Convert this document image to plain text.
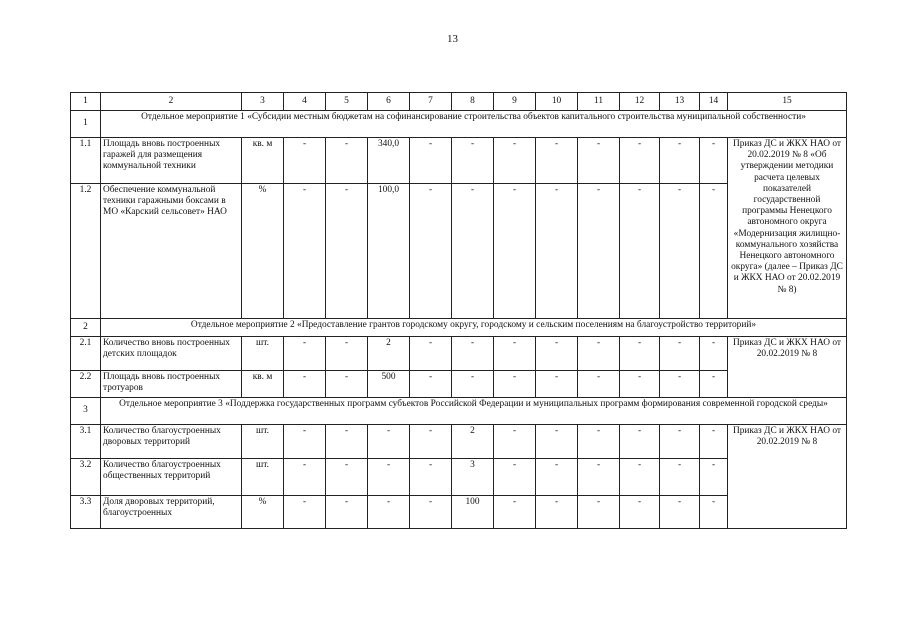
13
1	2	3	4	5	6	7	8	9	10	11	12	13	14	15
1	Отдельное мероприятие 1 «Субсидии местным бюджетам на софинансирование строительства объектов капитального строительства муниципальной собственности»													
1.1	Площадь вновь построенных гаражей для размещения коммунальной техники	кв. м	-	-	340,0	-	-	-	-	-	-	-	-	Приказ ДС и ЖКХ НАО от 20.02.2019 № 8 «Об утверждении методики расчета целевых показателей государственной программы Ненецкого автономного округа «Модернизация жилищно-коммунального хозяйства Ненецкого автономного округа» (далее – Приказ ДС и ЖКХ НАО от 20.02.2019 № 8)
1.2	Обеспечение коммунальной техники гаражными боксами в МО «Карский сельсовет» НАО	%	-	-	100,0	-	-	-	-	-	-	-	-	
2	Отдельное мероприятие 2 «Предоставление грантов городскому округу, городскому и сельским поселениям на благоустройство территорий»													
2.1	Количество вновь построенных детских площадок	шт.	-	-	2	-	-	-	-	-	-	-	-	Приказ ДС и ЖКХ НАО от 20.02.2019 № 8
2.2	Площадь вновь построенных тротуаров	кв. м	-	-	500	-	-	-	-	-	-	-	-	
3	Отдельное мероприятие 3 «Поддержка государственных программ субъектов Российской Федерации и муниципальных программ формирования современной городской среды»													
3.1	Количество благоустроенных дворовых территорий	шт.	-	-	-	-	2	-	-	-	-	-	-	Приказ ДС и ЖКХ НАО от 20.02.2019 № 8
3.2	Количество благоустроенных общественных территорий	шт.	-	-	-	-	3	-	-	-	-	-	-	
3.3	Доля дворовых территорий, благоустроенных	%	-	-	-	-	100	-	-	-	-	-	-	
